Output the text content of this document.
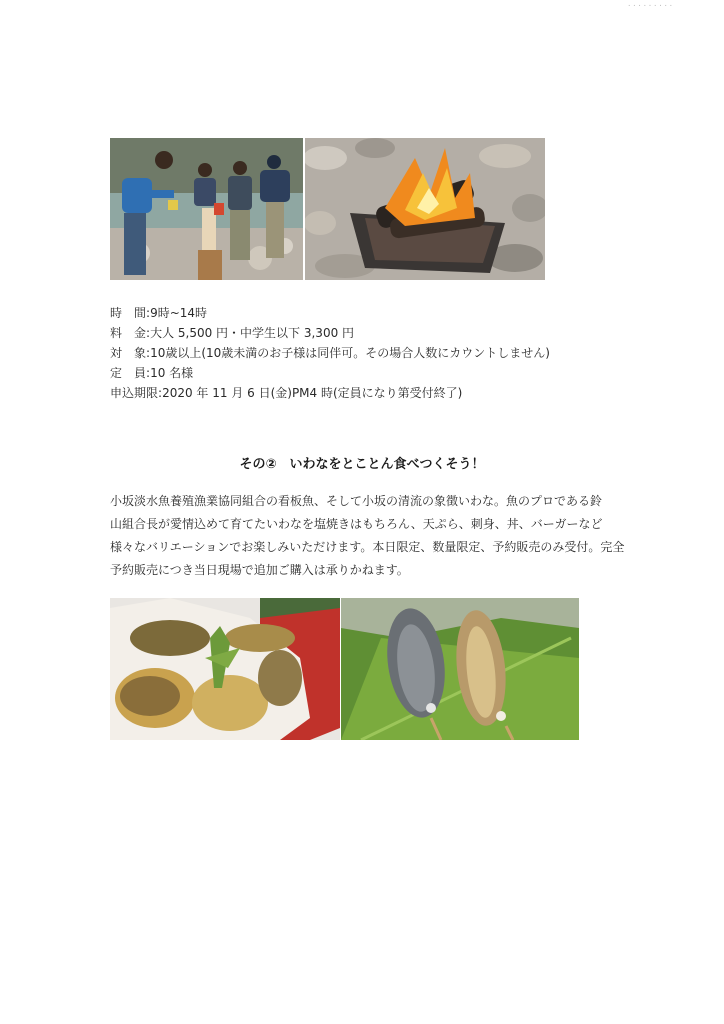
·········
時　間:9時~14時
料　金:大人 5,500 円・中学生以下 3,300 円
対　象:10歳以上(10歳未満のお子様は同伴可。その場合人数にカウントしません)
定　員:10 名様
申込期限:2020 年 11 月 6 日(金)PM4 時(定員になり第受付終了)
その②　いわなをとことん食べつくそう！
小坂淡水魚養殖漁業協同組合の看板魚、そして小坂の清流の象徴いわな。魚のプロである鈴
山組合長が愛情込めて育てたいわなを塩焼きはもちろん、天ぷら、刺身、丼、バーガーなど
様々なバリエーションでお楽しみいただけます。本日限定、数量限定、予約販売のみ受付。完全
予約販売につき当日現場で追加ご購入は承りかねます。
